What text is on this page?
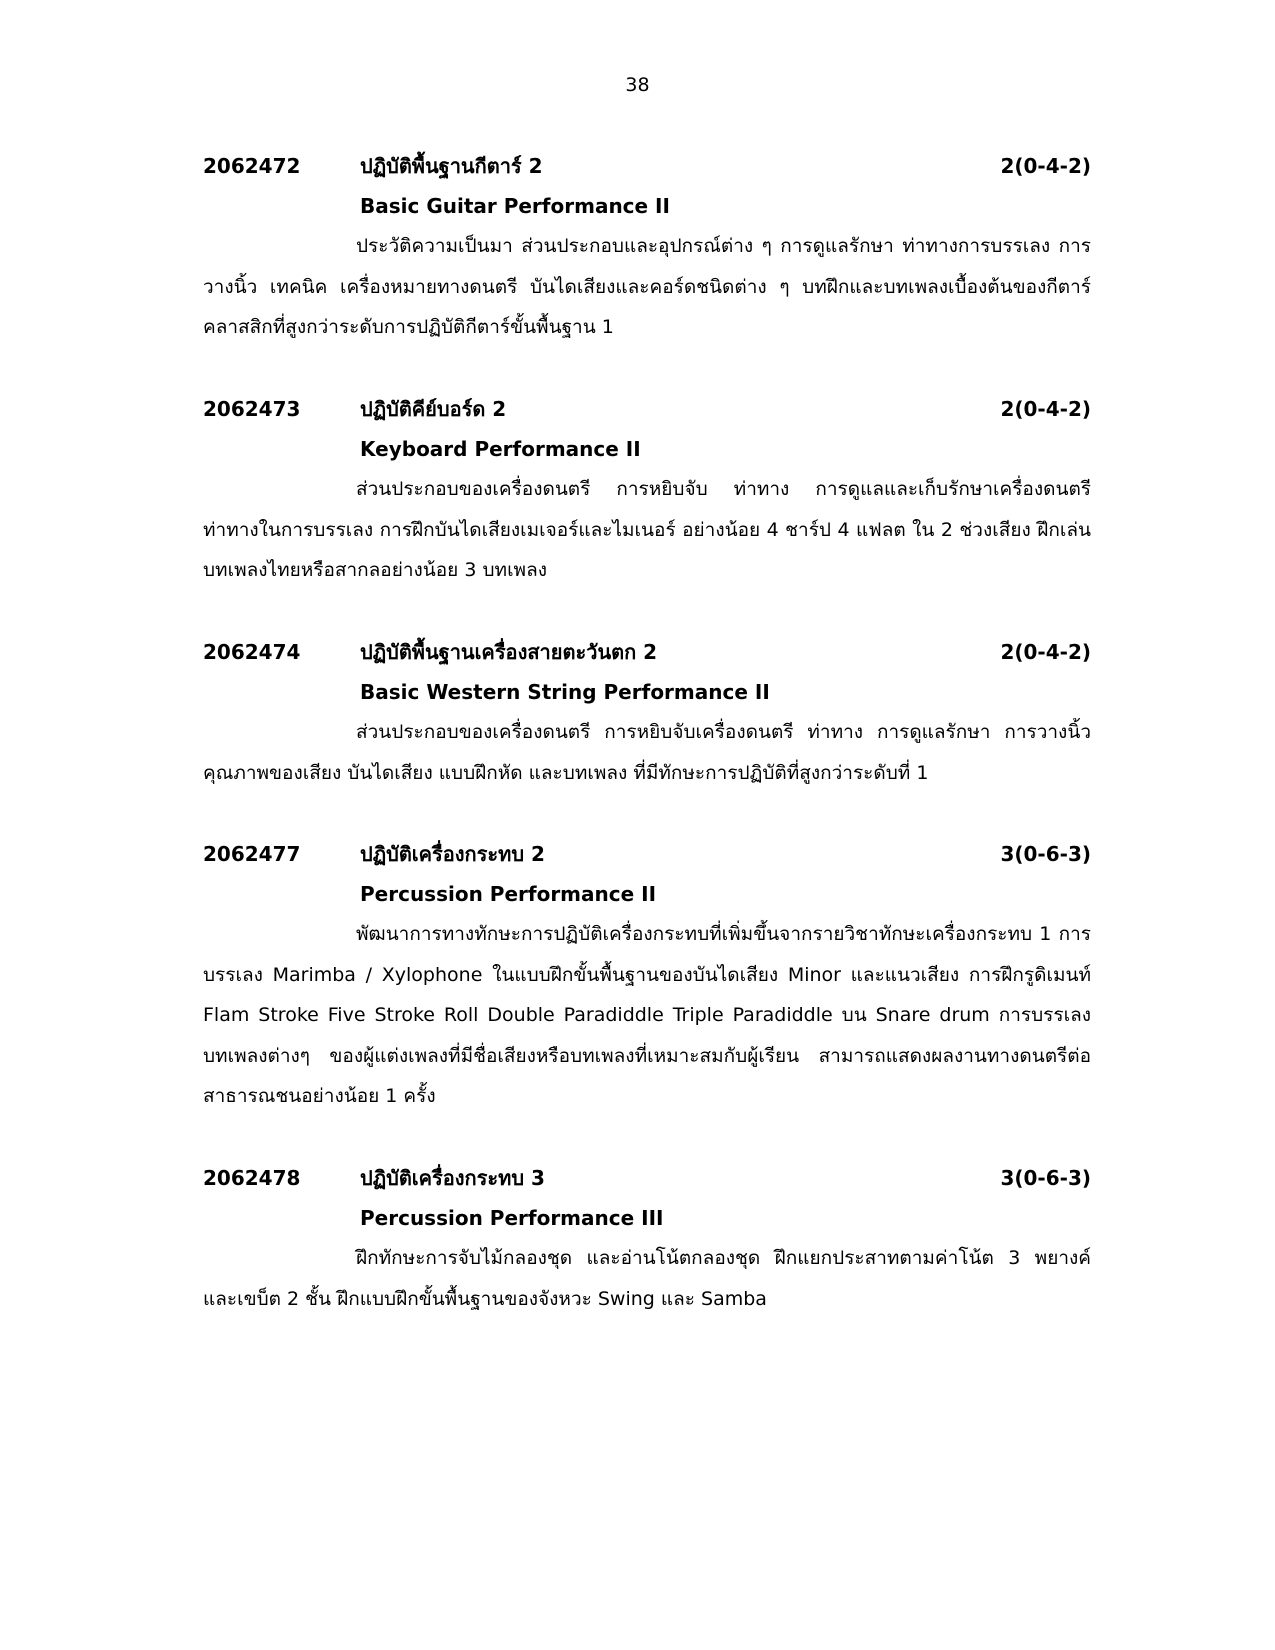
38
2062472	ปฏิบัติพื้นฐานกีตาร์ 2	2(0-4-2)
Basic Guitar Performance II

ประวัติความเป็นมา ส่วนประกอบและอุปกรณ์ต่าง ๆ การดูแลรักษา ท่าทางการบรรเลง การวางนิ้ว เทคนิค เครื่องหมายทางดนตรี บันไดเสียงและคอร์ดชนิดต่าง ๆ บทฝึกและบทเพลงเบื้องต้นของกีตาร์คลาสสิกที่สูงกว่าระดับการปฏิบัติกีตาร์ขั้นพื้นฐาน 1

2062473	ปฏิบัติคีย์บอร์ด 2	2(0-4-2)
Keyboard Performance II

ส่วนประกอบของเครื่องดนตรี การหยิบจับ ท่าทาง การดูแลและเก็บรักษาเครื่องดนตรี ท่าทางในการบรรเลง การฝึกบันไดเสียงเมเจอร์และไมเนอร์ อย่างน้อย 4 ชาร์ป 4 แฟลต ใน 2 ช่วงเสียง ฝึกเล่นบทเพลงไทยหรือสากลอย่างน้อย 3 บทเพลง

2062474	ปฏิบัติพื้นฐานเครื่องสายตะวันตก 2	2(0-4-2)
Basic Western String Performance II

ส่วนประกอบของเครื่องดนตรี การหยิบจับเครื่องดนตรี ท่าทาง การดูแลรักษา การวางนิ้ว คุณภาพของเสียง บันไดเสียง แบบฝึกหัด และบทเพลง ที่มีทักษะการปฏิบัติที่สูงกว่าระดับที่ 1

2062477	ปฏิบัติเครื่องกระทบ 2	3(0-6-3)
Percussion Performance II

พัฒนาการทางทักษะการปฏิบัติเครื่องกระทบที่เพิ่มขึ้นจากรายวิชาทักษะเครื่องกระทบ 1 การบรรเลง Marimba / Xylophone ในแบบฝึกขั้นพื้นฐานของบันไดเสียง Minor และแนวเสียง การฝึกรูดิเมนท์ Flam Stroke Five Stroke Roll Double Paradiddle Triple Paradiddle บน Snare drum การบรรเลงบทเพลงต่างๆ ของผู้แต่งเพลงที่มีชื่อเสียงหรือบทเพลงที่เหมาะสมกับผู้เรียน สามารถแสดงผลงานทางดนตรีต่อสาธารณชนอย่างน้อย 1 ครั้ง

2062478	ปฏิบัติเครื่องกระทบ 3	3(0-6-3)
Percussion Performance III

ฝึกทักษะการจับไม้กลองชุด และอ่านโน้ตกลองชุด ฝึกแยกประสาทตามค่าโน้ต 3 พยางค์ และเขบ็ต 2 ชั้น ฝึกแบบฝึกขั้นพื้นฐานของจังหวะ Swing และ Samba
